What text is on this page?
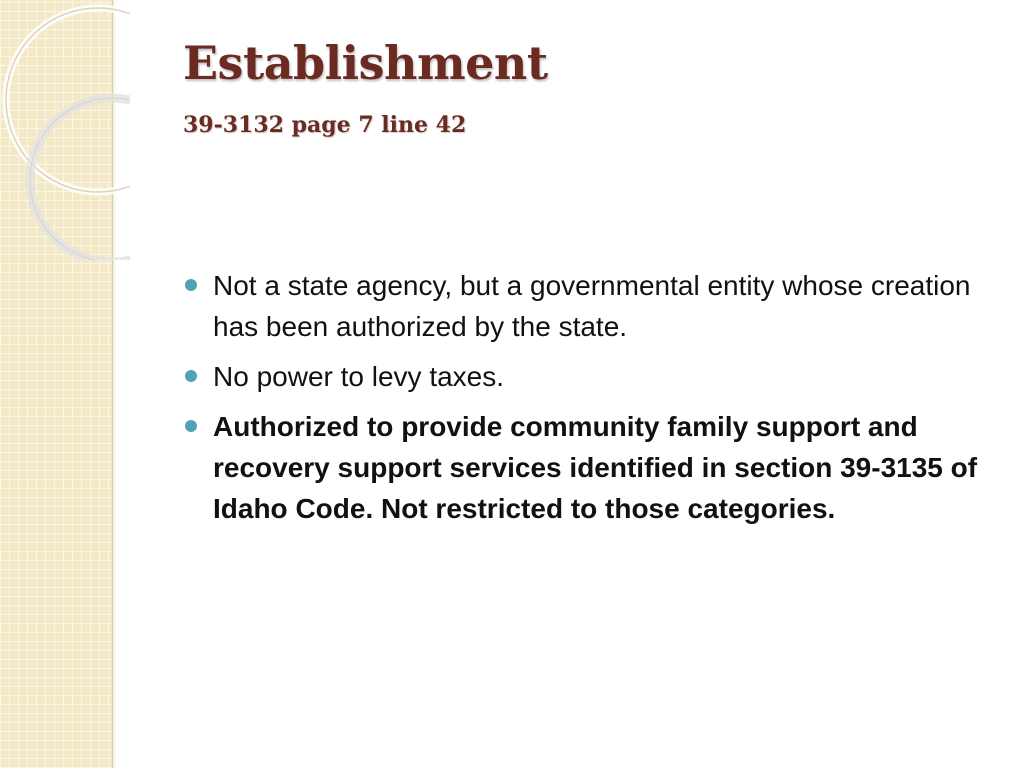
Establishment
39-3132 page 7 line 42
Not a state agency, but a governmental entity whose creation has been authorized by the state.
No power to levy taxes.
Authorized to provide community family support and recovery support services identified in section 39-3135 of Idaho Code. Not restricted to those categories.
